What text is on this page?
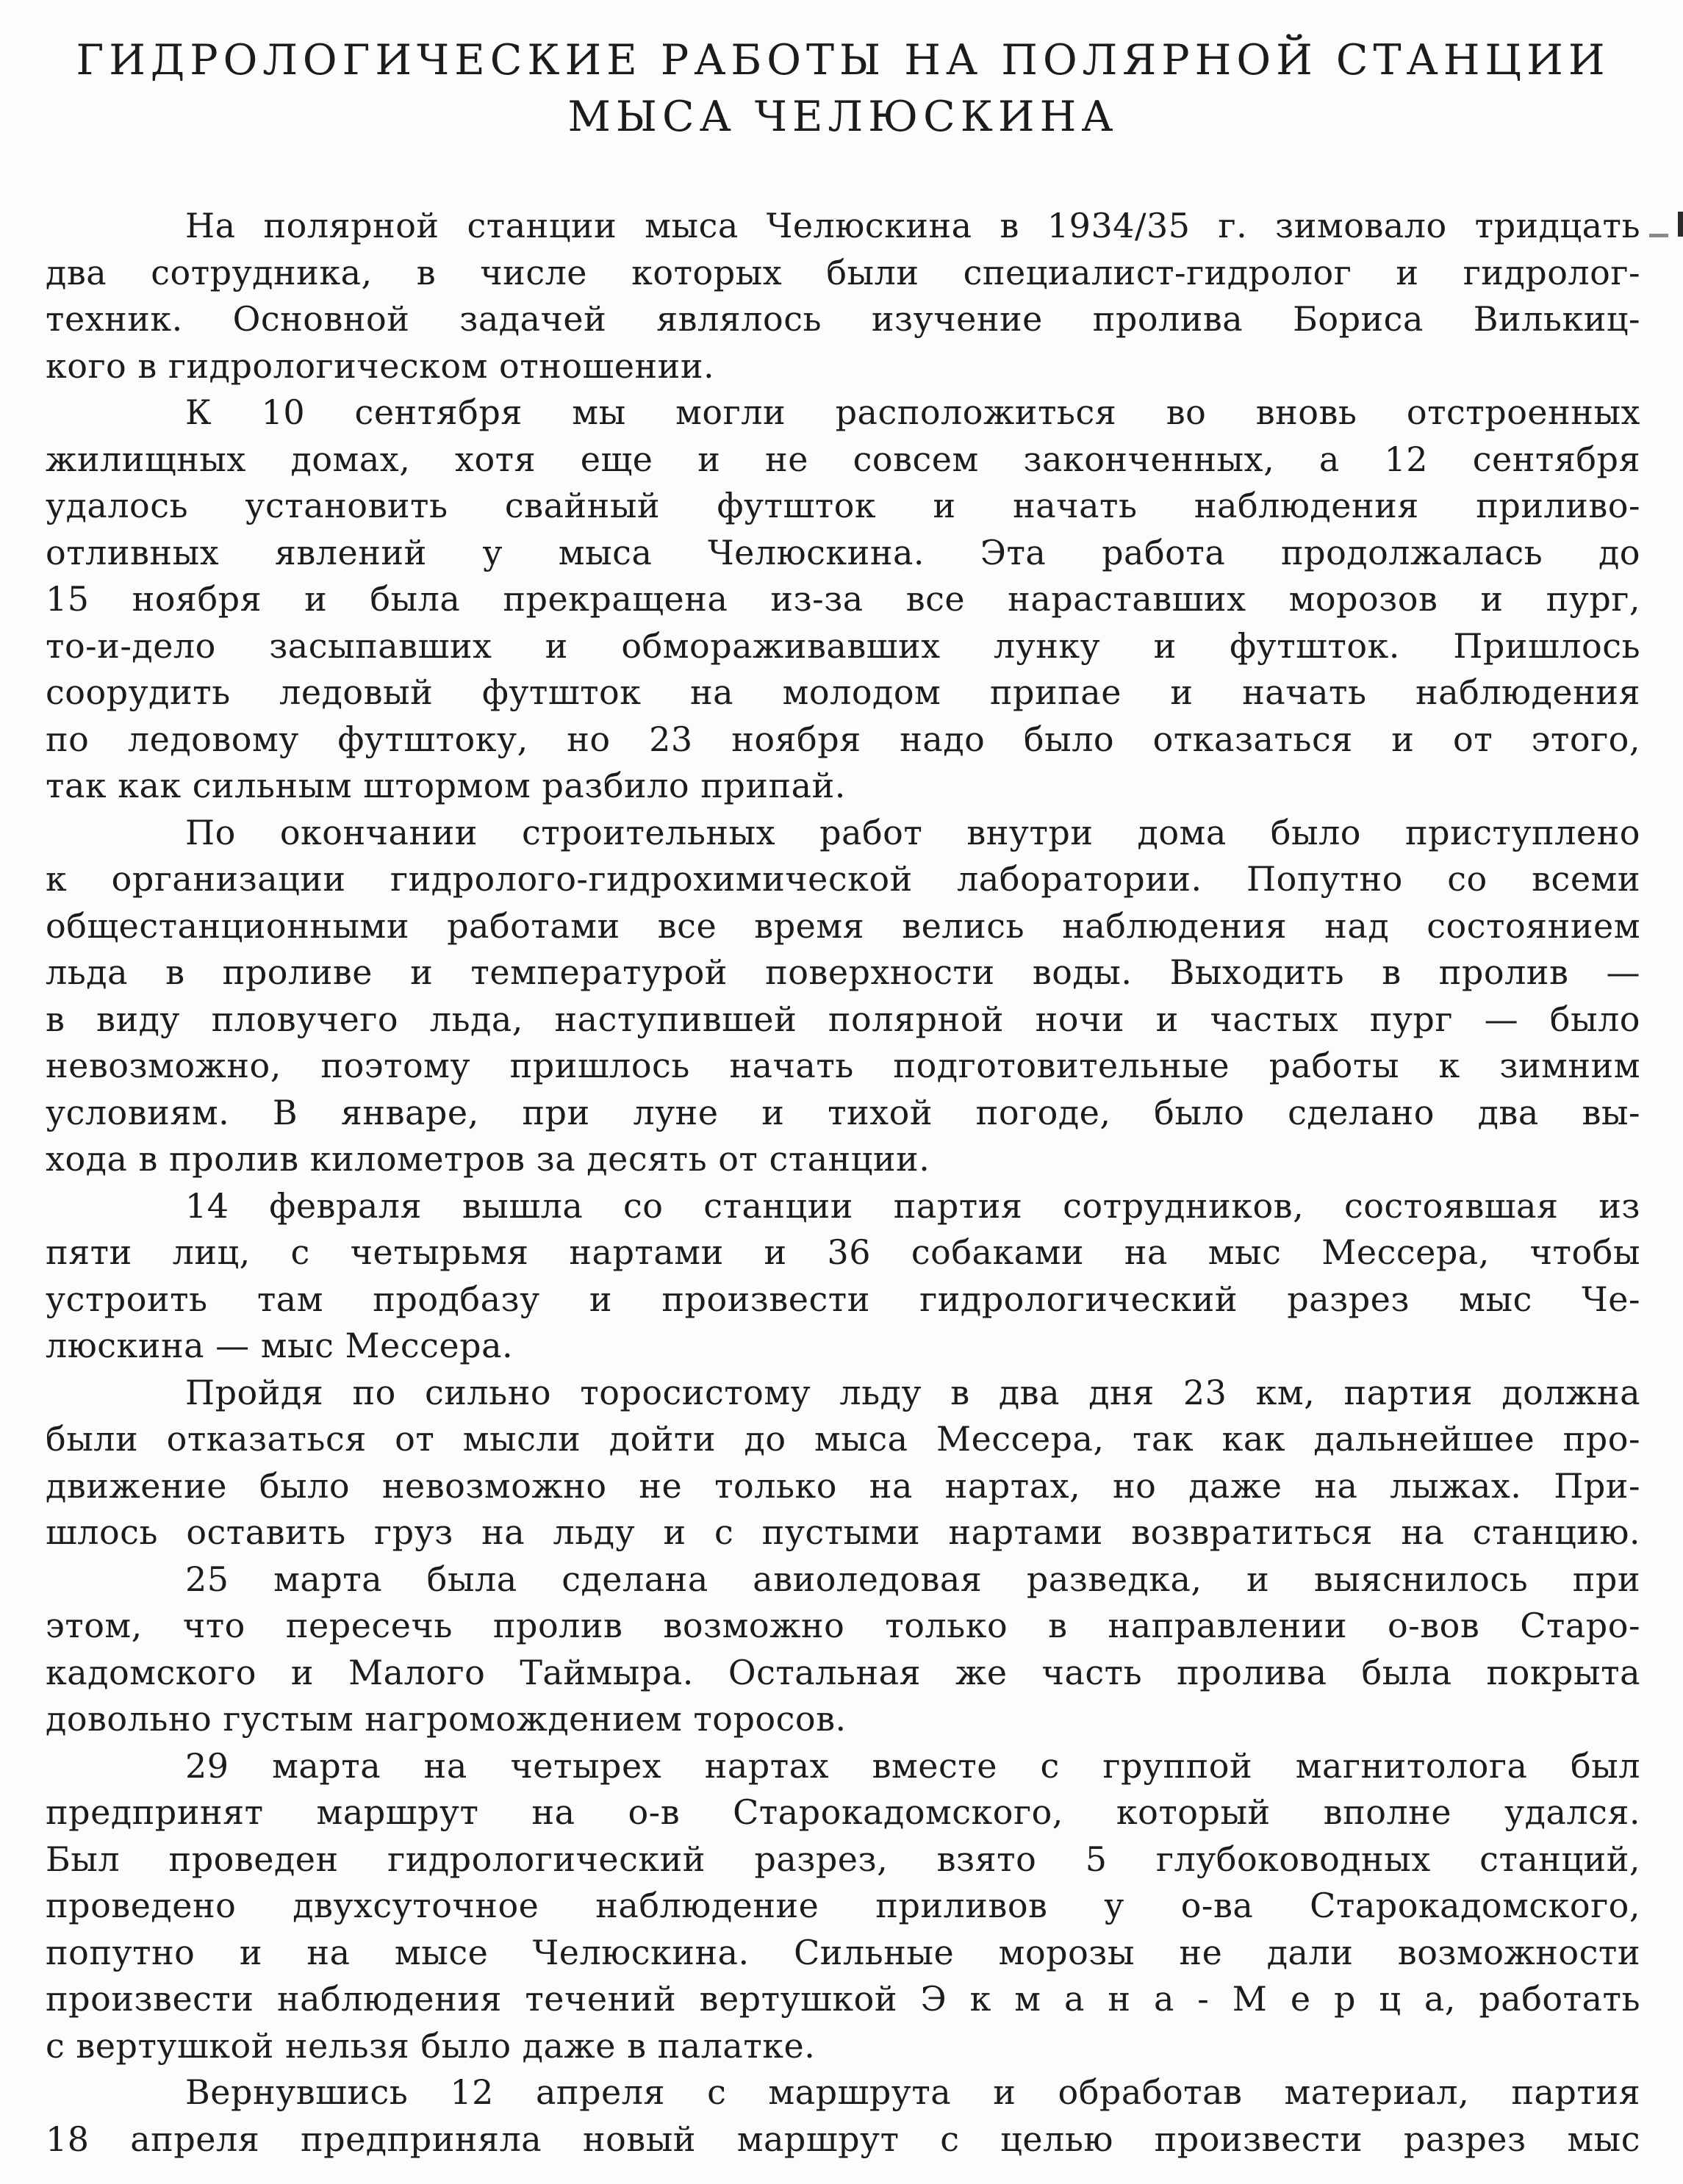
ГИДРОЛОГИЧЕСКИЕ РАБОТЫ НА ПОЛЯРНОЙ СТАНЦИИ
МЫСА ЧЕЛЮСКИНА
На полярной станции мыса Челюскина в 1934/35 г. зимовало тридцать
два сотрудника, в числе которых были специалист-гидролог и гидролог-
техник. Основной задачей являлось изучение пролива Бориса Вилькиц-
кого в гидрологическом отношении.
К 10 сентября мы могли расположиться во вновь отстроенных
жилищных домах, хотя еще и не совсем законченных, а 12 сентября
удалось установить свайный футшток и начать наблюдения приливо-
отливных явлений у мыса Челюскина. Эта работа продолжалась до
15 ноября и была прекращена из-за все нараставших морозов и пург,
то-и-дело засыпавших и обмораживавших лунку и футшток. Пришлось
соорудить ледовый футшток на молодом припае и начать наблюдения
по ледовому футштоку, но 23 ноября надо было отказаться и от этого,
так как сильным штормом разбило припай.
По окончании строительных работ внутри дома было приступлено
к организации гидролого-гидрохимической лаборатории. Попутно со всеми
общестанционными работами все время велись наблюдения над состоянием
льда в проливе и температурой поверхности воды. Выходить в пролив —
в виду пловучего льда, наступившей полярной ночи и частых пург — было
невозможно, поэтому пришлось начать подготовительные работы к зимним
условиям. В январе, при луне и тихой погоде, было сделано два вы-
хода в пролив километров за десять от станции.
14 февраля вышла со станции партия сотрудников, состоявшая из
пяти лиц, с четырьмя нартами и 36 собаками на мыс Мессера, чтобы
устроить там продбазу и произвести гидрологический разрез мыс Че-
люскина — мыс Мессера.
Пройдя по сильно торосистому льду в два дня 23 км, партия должна
были отказаться от мысли дойти до мыса Мессера, так как дальнейшее про-
движение было невозможно не только на нартах, но даже на лыжах. При-
шлось оставить груз на льду и с пустыми нартами возвратиться на станцию.
25 марта была сделана авиоледовая разведка, и выяснилось при
этом, что пересечь пролив возможно только в направлении о-вов Старо-
кадомского и Малого Таймыра. Остальная же часть пролива была покрыта
довольно густым нагромождением торосов.
29 марта на четырех нартах вместе с группой магнитолога был
предпринят маршрут на о-в Старокадомского, который вполне удался.
Был проведен гидрологический разрез, взято 5 глубоководных станций,
проведено двухсуточное наблюдение приливов у о-ва Старокадомского,
попутно и на мысе Челюскина. Сильные морозы не дали возможности
произвести наблюдения течений вертушкой Э к м а н а - М е р ц а, работать
с вертушкой нельзя было даже в палатке.
Вернувшись 12 апреля с маршрута и обработав материал, партия
18 апреля предприняла новый маршрут с целью произвести разрез мыс
